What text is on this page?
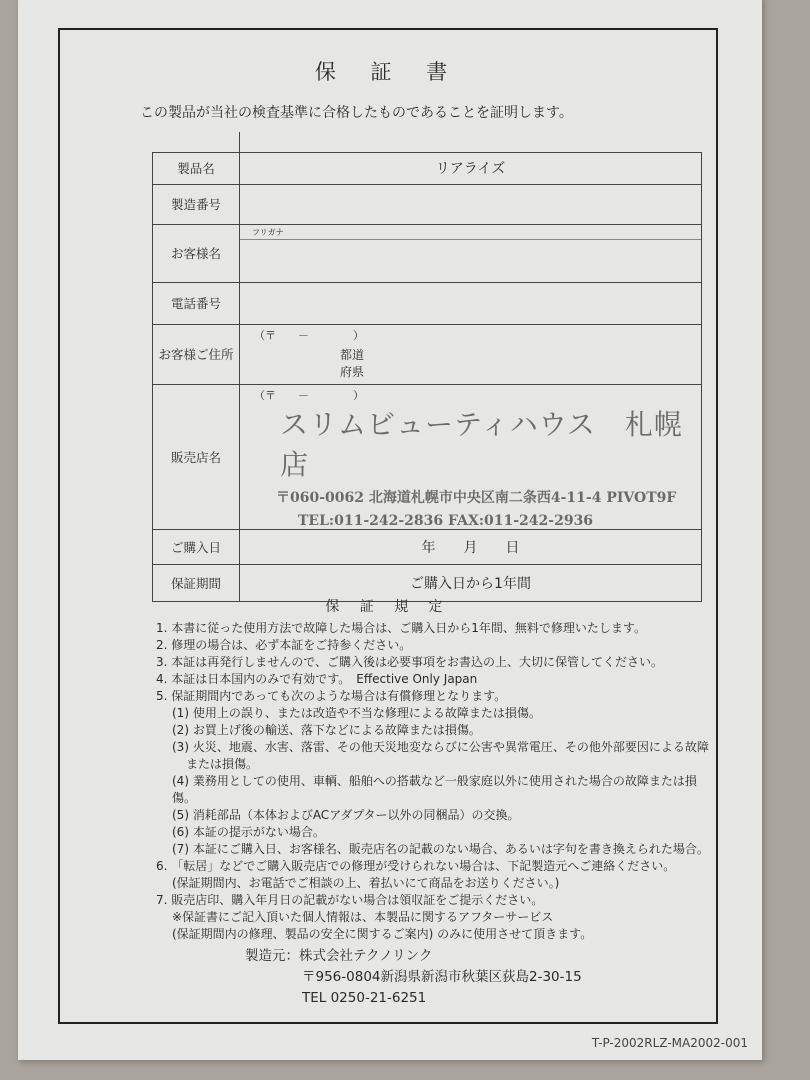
保 証 書
この製品が当社の検査基準に合格したものであることを証明します。

製品名	リアライズ
製造番号	
お客様名	フリガナ

電話番号	
お客様ご住所	（〒　　－　　　　）
都道
府県

販売店名	（〒　　－　　　　）
スリムビューティハウス　札幌店
〒060-0062 北海道札幌市中央区南二条西4-11-4 PIVOT9F
TEL:011-242-2836 FAX:011-242-2936

ご購入日	年　　月　　日
保証期間	ご購入日から1年間
保 証 規 定
1. 本書に従った使用方法で故障した場合は、ご購入日から1年間、無料で修理いたします。
2. 修理の場合は、必ず本証をご持参ください。
3. 本証は再発行しませんので、ご購入後は必要事項をお書込の上、大切に保管してください。
4. 本証は日本国内のみで有効です。　Effective Only Japan
5. 保証期間内であっても次のような場合は有償修理となります。
(1) 使用上の誤り、または改造や不当な修理による故障または損傷。
(2) お買上げ後の輸送、落下などによる故障または損傷。
(3) 火災、地震、水害、落雷、その他天災地変ならびに公害や異常電圧、その他外部要因による故障
または損傷。
(4) 業務用としての使用、車輌、船舶への搭載など一般家庭以外に使用された場合の故障または損傷。
(5) 消耗部品（本体およびACアダプター以外の同梱品）の交換。
(6) 本証の提示がない場合。
(7) 本証にご購入日、お客様名、販売店名の記載のない場合、あるいは字句を書き換えられた場合。
6. 「転居」などでご購入販売店での修理が受けられない場合は、下記製造元へご連絡ください。
(保証期間内、お電話でご相談の上、着払いにて商品をお送りください。)
7. 販売店印、購入年月日の記載がない場合は領収証をご提示ください。
※保証書にご記入頂いた個人情報は、本製品に関するアフターサービス
(保証期間内の修理、製品の安全に関するご案内) のみに使用させて頂きます。
製造元：株式会社テクノリンク
〒956-0804新潟県新潟市秋葉区荻島2-30-15
TEL 0250-21-6251
T-P-2002RLZ-MA2002-001
